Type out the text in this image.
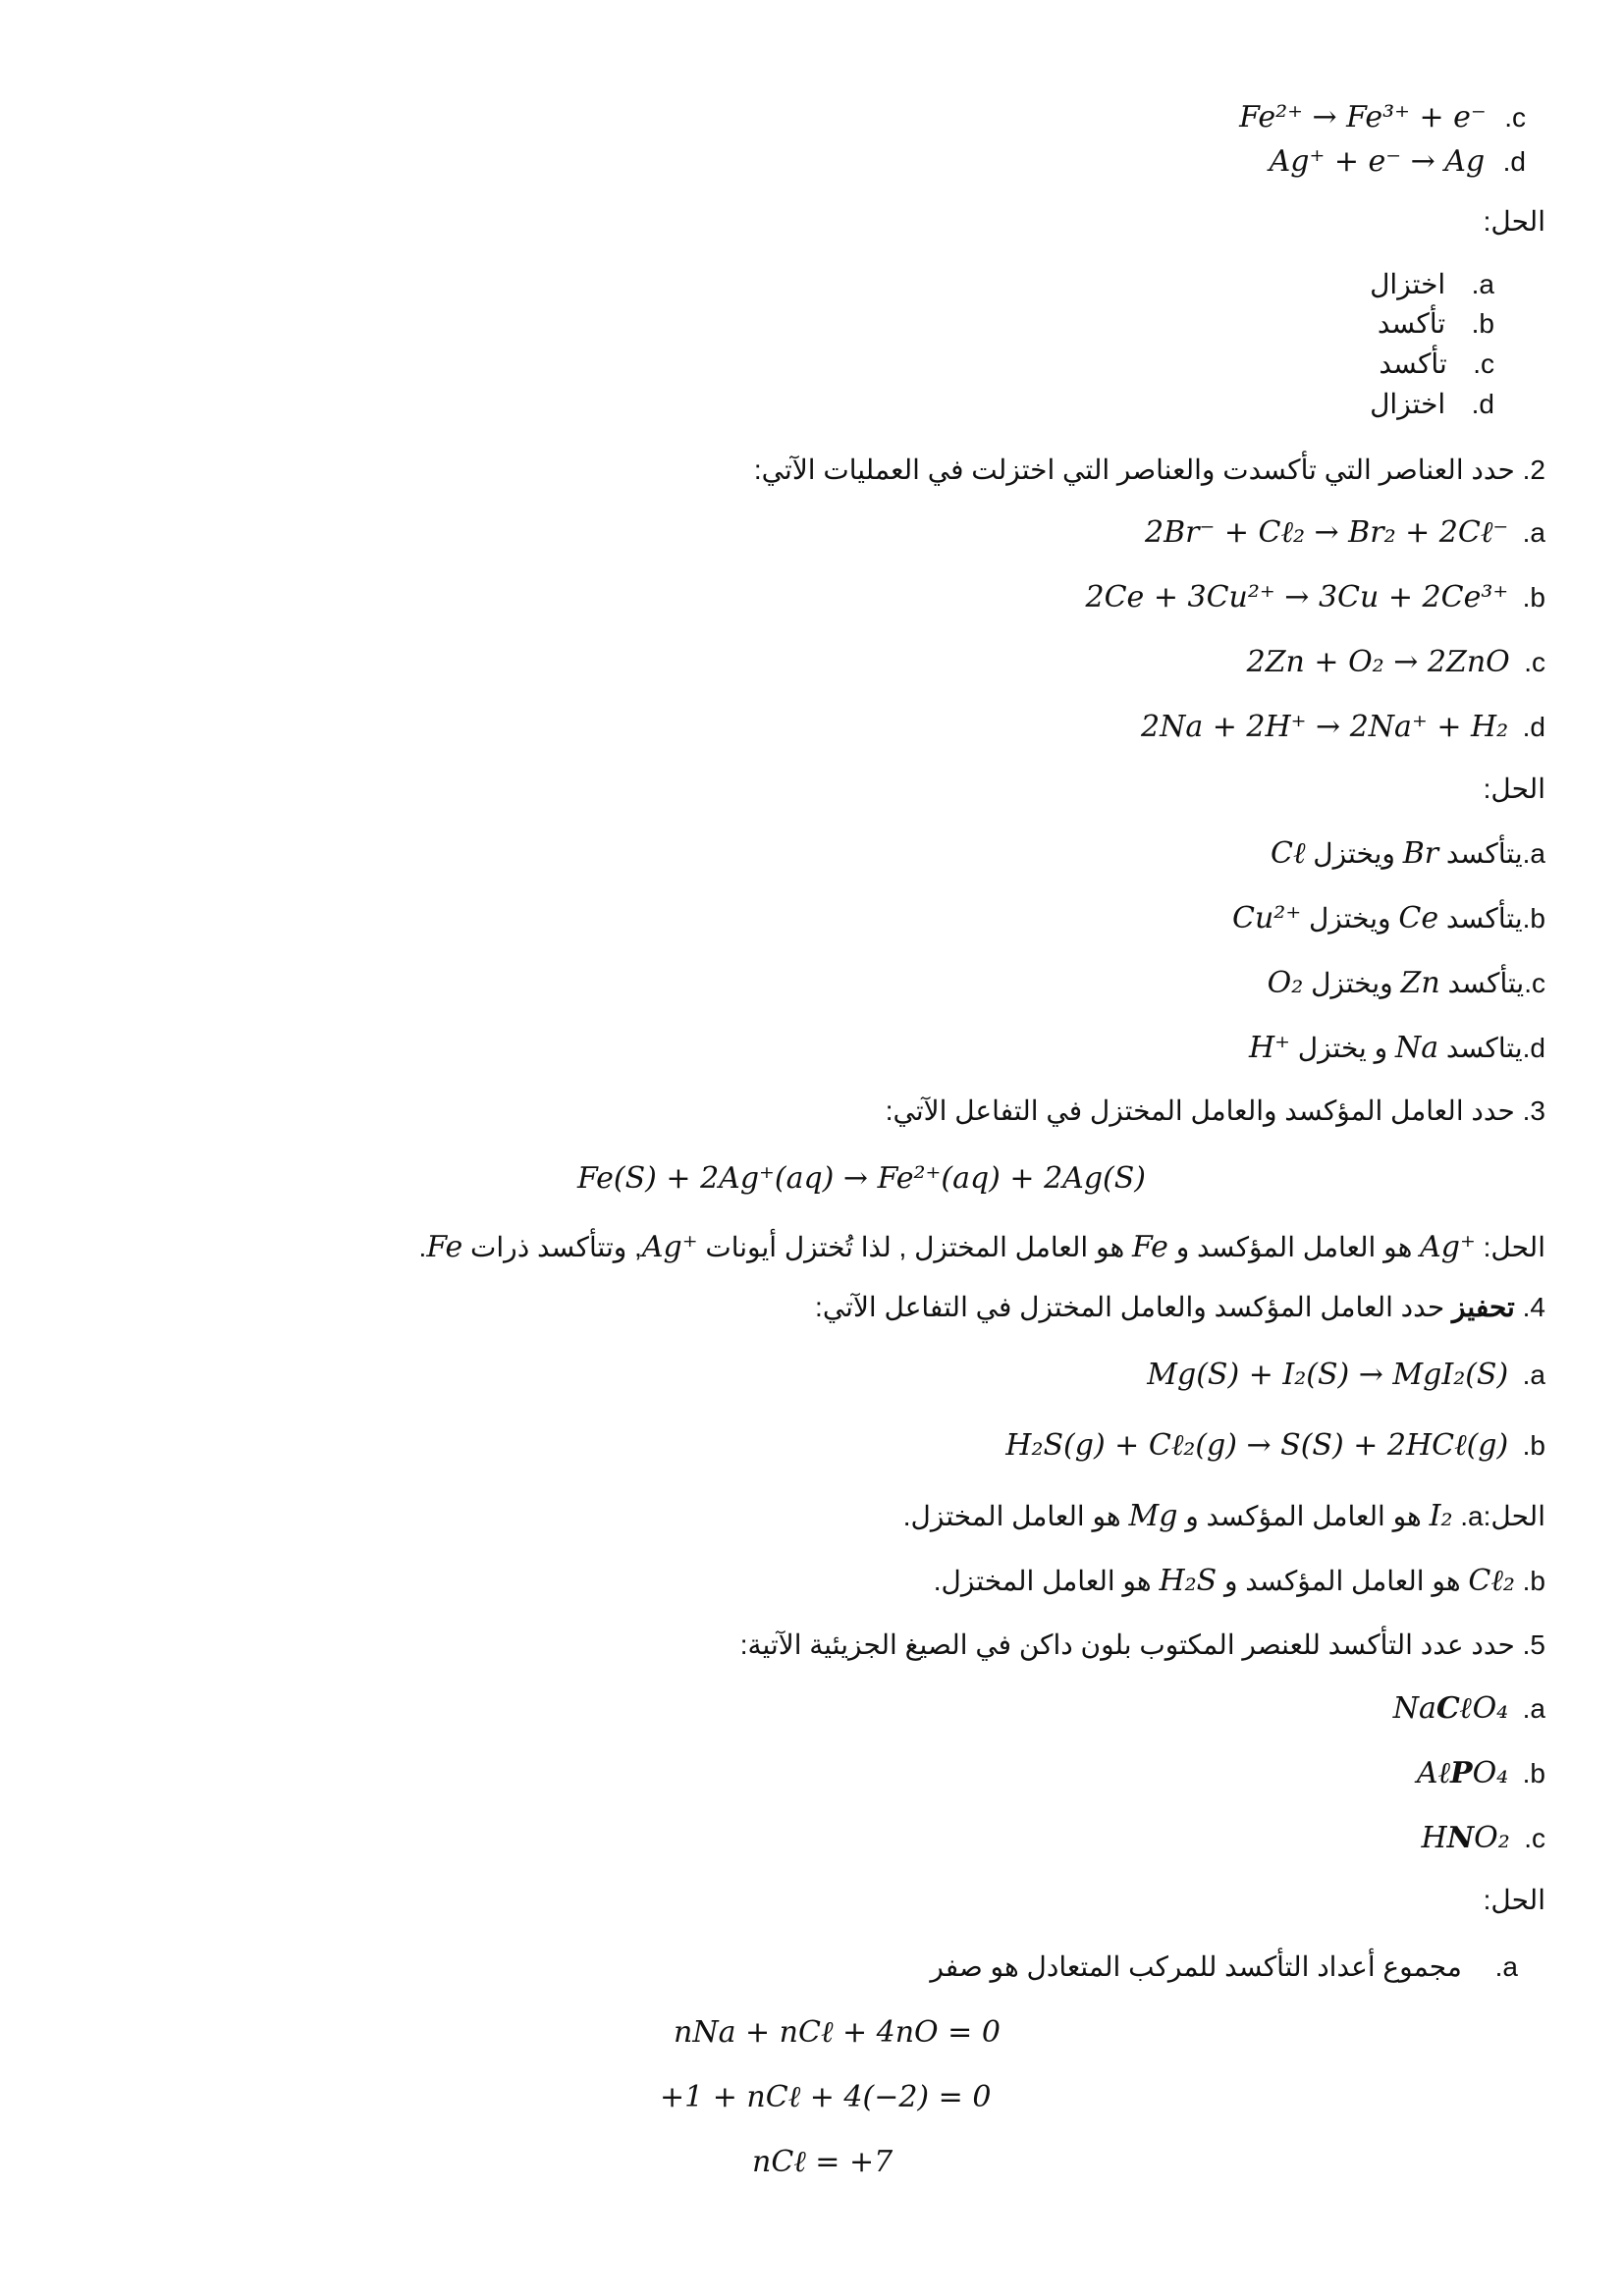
Fe²⁺ → Fe³⁺ + e⁻ .c
Ag⁺ + e⁻ → Ag .d
الحل:
اختزال .a
تأكسد .b
تأكسد .c
اختزال .d
2. حدد العناصر التي تأكسدت والعناصر التي اختزلت في العمليات الآتي:
2Br⁻ + Cℓ₂ → Br₂ + 2Cℓ⁻ .a
2Ce + 3Cu²⁺ → 3Cu + 2Ce³⁺ .b
2Zn + O₂ → 2ZnO .c
2Na + 2H⁺ → 2Na⁺ + H₂ .d
الحل:
a.يتأكسد Br ويختزل Cℓ
b.يتأكسد Ce ويختزل Cu²⁺
c.يتأكسد Zn ويختزل O₂
d.يتاكسد Na و يختزل H⁺
3. حدد العامل المؤكسد والعامل المختزل في التفاعل الآتي:
Fe(S) + 2Ag⁺(aq) → Fe²⁺(aq) + 2Ag(S)
الحل: Ag⁺ هو العامل المؤكسد و Fe هو العامل المختزل , لذا تُختزل أيونات Ag⁺, وتتأكسد ذرات Fe.
4. تحفيز حدد العامل المؤكسد والعامل المختزل في التفاعل الآتي:
Mg(S) + I₂(S) → MgI₂(S) .a
H₂S(g) + Cℓ₂(g) → S(S) + 2HCℓ(g) .b
الحل:a. I₂ هو العامل المؤكسد و Mg هو العامل المختزل.
b. Cℓ₂ هو العامل المؤكسد و H₂S هو العامل المختزل.
5. حدد عدد التأكسد للعنصر المكتوب بلون داكن في الصيغ الجزيئية الآتية:
NaCℓO₄ .a
AℓPO₄ .b
HNO₂ .c
الحل:
a. مجموع أعداد التأكسد للمركب المتعادل هو صفر
nNa + nCℓ + 4nO = 0
+1 + nCℓ + 4(−2) = 0
nCℓ = +7
